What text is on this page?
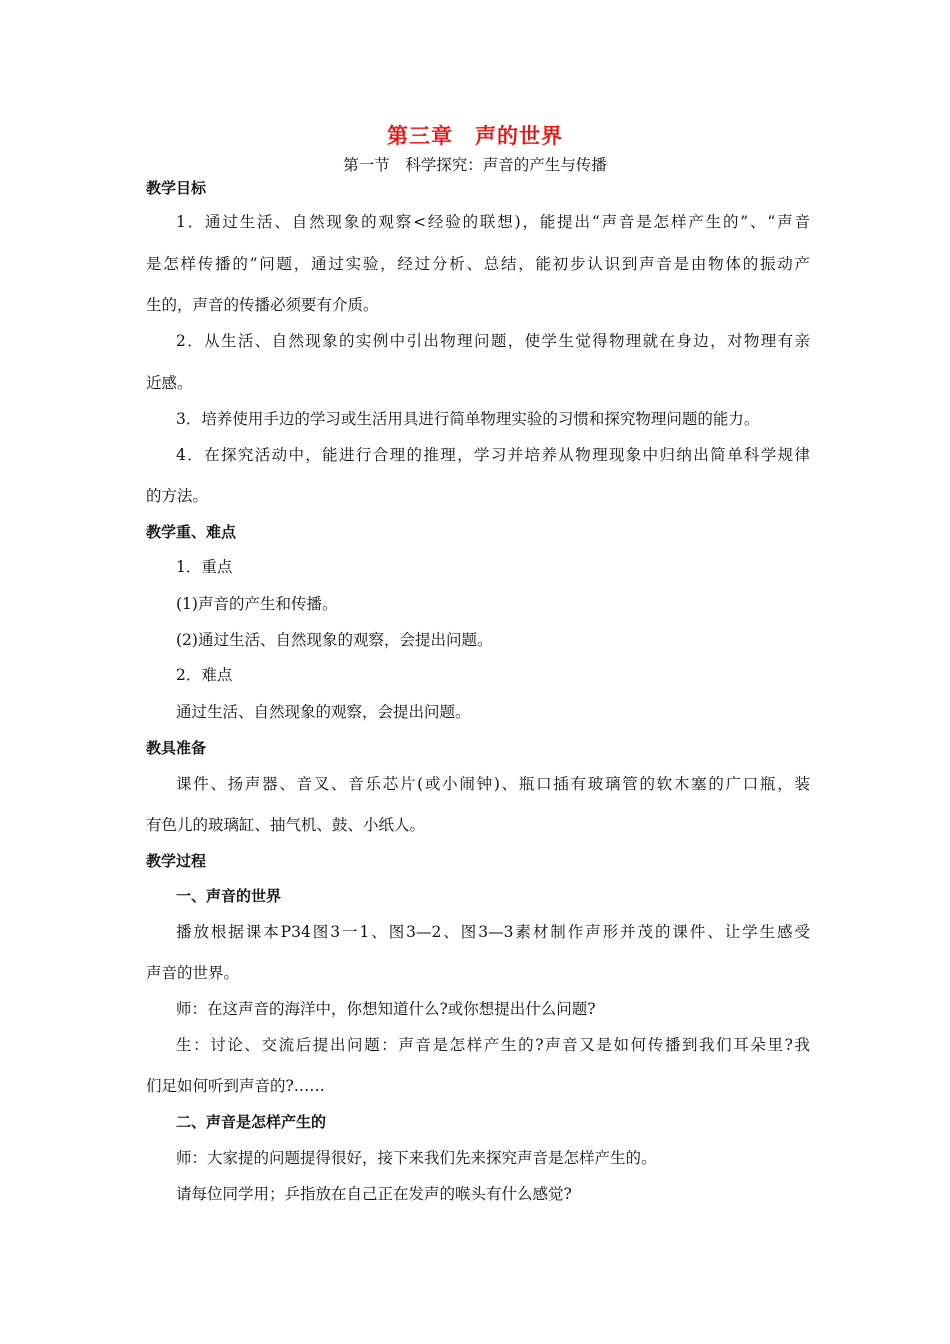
第三章　声的世界
第一节　科学探究：声音的产生与传播
教学目标
1．通过生活、自然现象的观察<经验的联想)，能提出“声音是怎样产生的”、“声音
是怎样传播的”问题，通过实验，经过分析、总结，能初步认识到声音是由物体的振动产
生的，声音的传播必须要有介质。
2．从生活、自然现象的实例中引出物理问题，使学生觉得物理就在身边，对物理有亲
近感。
3．培养使用手边的学习或生活用具进行简单物理实验的习惯和探究物理问题的能力。
4．在探究活动中，能进行合理的推理，学习并培养从物理现象中归纳出简单科学规律
的方法。
教学重、难点
1．重点
(1)声音的产生和传播。
(2)通过生活、自然现象的观察，会提出问题。
2．难点
通过生活、自然现象的观察，会提出问题。
教具准备
课件、扬声器、音叉、音乐芯片(或小闹钟)、瓶口插有玻璃管的软木塞的广口瓶，装
有色儿的玻璃缸、抽气机、鼓、小纸人。
教学过程
一、声音的世界
播放根据课本P34图3一1、图3—2、图3—3素材制作声形并茂的课件、让学生感受
声音的世界。
师：在这声音的海洋中，你想知道什么?或你想提出什么问题?
生：讨论、交流后提出问题：声音是怎样产生的?声音又是如何传播到我们耳朵里?我
们足如何听到声音的?……
二、声音是怎样产生的
师：大家提的问题提得很好，接下来我们先来探究声音是怎样产生的。
请每位同学用；乒指放在自己正在发声的喉头有什么感觉?
